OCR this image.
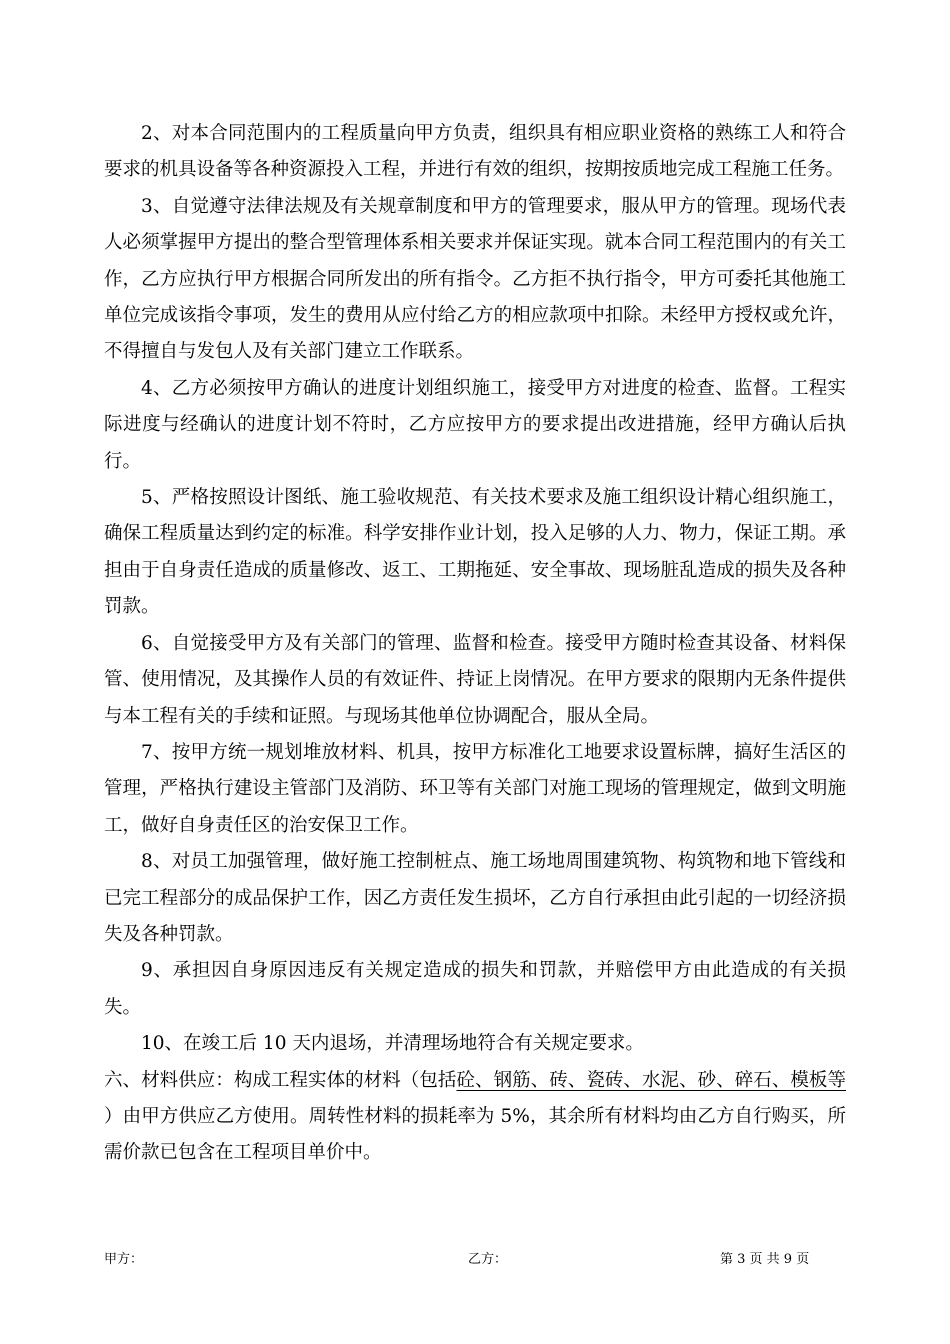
2、对本合同范围内的工程质量向甲方负责，组织具有相应职业资格的熟练工人和符合要求的机具设备等各种资源投入工程，并进行有效的组织，按期按质地完成工程施工任务。

3、自觉遵守法律法规及有关规章制度和甲方的管理要求，服从甲方的管理。现场代表人必须掌握甲方提出的整合型管理体系相关要求并保证实现。就本合同工程范围内的有关工作，乙方应执行甲方根据合同所发出的所有指令。乙方拒不执行指令，甲方可委托其他施工单位完成该指令事项，发生的费用从应付给乙方的相应款项中扣除。未经甲方授权或允许，不得擅自与发包人及有关部门建立工作联系。

4、乙方必须按甲方确认的进度计划组织施工，接受甲方对进度的检查、监督。工程实际进度与经确认的进度计划不符时，乙方应按甲方的要求提出改进措施，经甲方确认后执行。

5、严格按照设计图纸、施工验收规范、有关技术要求及施工组织设计精心组织施工，确保工程质量达到约定的标准。科学安排作业计划，投入足够的人力、物力，保证工期。承担由于自身责任造成的质量修改、返工、工期拖延、安全事故、现场脏乱造成的损失及各种罚款。

6、自觉接受甲方及有关部门的管理、监督和检查。接受甲方随时检查其设备、材料保管、使用情况，及其操作人员的有效证件、持证上岗情况。在甲方要求的限期内无条件提供与本工程有关的手续和证照。与现场其他单位协调配合，服从全局。

7、按甲方统一规划堆放材料、机具，按甲方标准化工地要求设置标牌，搞好生活区的管理，严格执行建设主管部门及消防、环卫等有关部门对施工现场的管理规定，做到文明施工，做好自身责任区的治安保卫工作。

8、对员工加强管理，做好施工控制桩点、施工场地周围建筑物、构筑物和地下管线和已完工程部分的成品保护工作，因乙方责任发生损坏，乙方自行承担由此引起的一切经济损失及各种罚款。

9、承担因自身原因违反有关规定造成的损失和罚款，并赔偿甲方由此造成的有关损失。

10、在竣工后 10 天内退场，并清理场地符合有关规定要求。

六、材料供应：构成工程实体的材料（包括砼、钢筋、砖、瓷砖、水泥、砂、碎石、模板等 ）由甲方供应乙方使用。周转性材料的损耗率为 5%，其余所有材料均由乙方自行购买，所需价款已包含在工程项目单价中。

甲方：	乙方：	第 3 页 共 9 页
